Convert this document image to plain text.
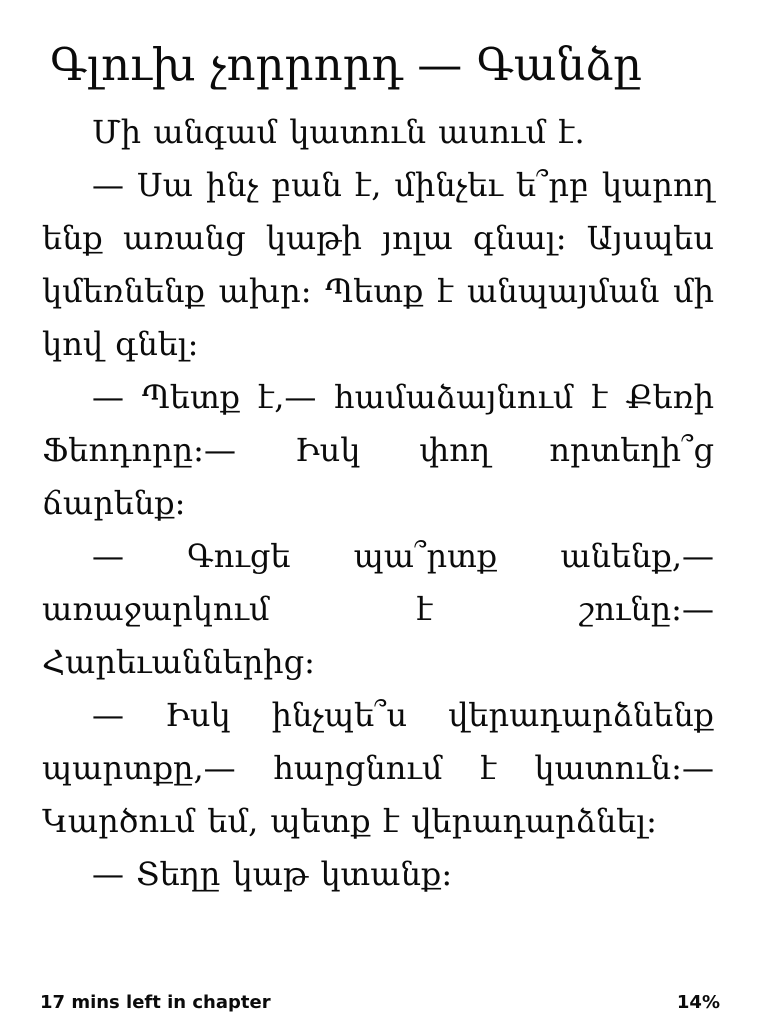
Գլուխ չորրորդ — Գանձը

Մի անգամ կատուն ասում է.

— Սա ինչ բան է, մինչեւ ե՞րբ կարող ենք առանց կաթի յոլա գնալ։ Այսպես կմեռնենք ախր։ Պետք է անպայման մի կով գնել։

— Պետք է,— համաձայնում է Քեռի Ֆեոդորը։— Իսկ փող որտեղի՞ց ճարենք։

— Գուցե պա՞րտք անենք,— առաջարկում է շունը։— Հարեւաններից։

— Իսկ ինչպե՞ս վերադարձնենք պարտքը,— հարցնում է կատուն։— Կարծում եմ, պետք է վերադարձնել։

— Տեղը կաթ կտանք։

17 mins left in chapter	14%
